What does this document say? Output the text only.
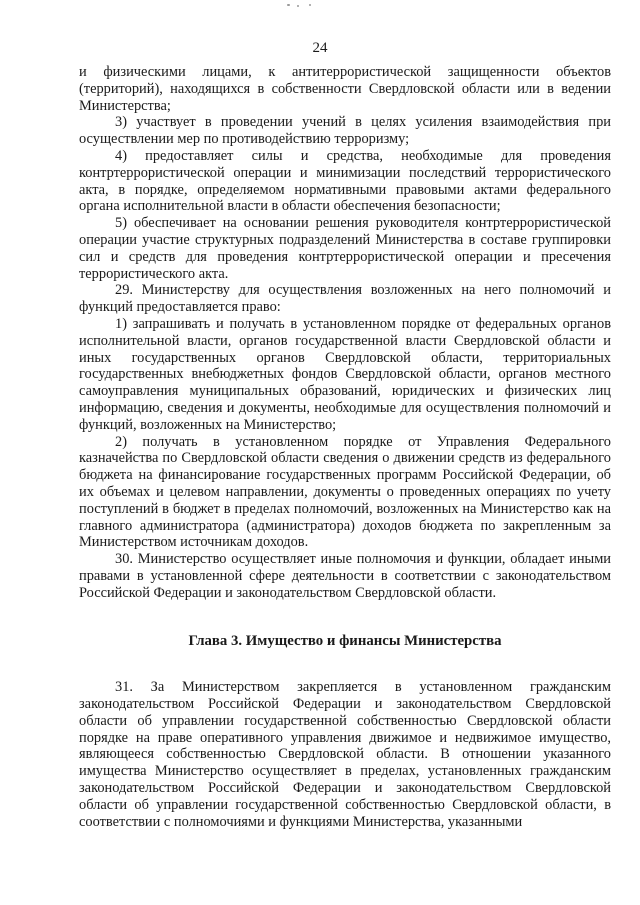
24

и физическими лицами, к антитеррористической защищенности объектов (территорий), находящихся в собственности Свердловской области или в ведении Министерства;

3) участвует в проведении учений в целях усиления взаимодействия при осуществлении мер по противодействию терроризму;

4) предоставляет силы и средства, необходимые для проведения контртеррористической операции и минимизации последствий террористического акта, в порядке, определяемом нормативными правовыми актами федерального органа исполнительной власти в области обеспечения безопасности;

5) обеспечивает на основании решения руководителя контртеррористической операции участие структурных подразделений Министерства в составе группировки сил и средств для проведения контртеррористической операции и пресечения террористического акта.

29. Министерству для осуществления возложенных на него полномочий и функций предоставляется право:

1) запрашивать и получать в установленном порядке от федеральных органов исполнительной власти, органов государственной власти Свердловской области и иных государственных органов Свердловской области, территориальных государственных внебюджетных фондов Свердловской области, органов местного самоуправления муниципальных образований, юридических и физических лиц информацию, сведения и документы, необходимые для осуществления полномочий и функций, возложенных на Министерство;

2) получать в установленном порядке от Управления Федерального казначейства по Свердловской области сведения о движении средств из федерального бюджета на финансирование государственных программ Российской Федерации, об их объемах и целевом направлении, документы о проведенных операциях по учету поступлений в бюджет в пределах полномочий, возложенных на Министерство как на главного администратора (администратора) доходов бюджета по закрепленным за Министерством источникам доходов.

30. Министерство осуществляет иные полномочия и функции, обладает иными правами в установленной сфере деятельности в соответствии с законодательством Российской Федерации и законодательством Свердловской области.

Глава 3. Имущество и финансы Министерства

31. За Министерством закрепляется в установленном гражданским законодательством Российской Федерации и законодательством Свердловской области об управлении государственной собственностью Свердловской области порядке на праве оперативного управления движимое и недвижимое имущество, являющееся собственностью Свердловской области. В отношении указанного имущества Министерство осуществляет в пределах, установленных гражданским законодательством Российской Федерации и законодательством Свердловской области об управлении государственной собственностью Свердловской области, в соответствии с полномочиями и функциями Министерства, указанными
